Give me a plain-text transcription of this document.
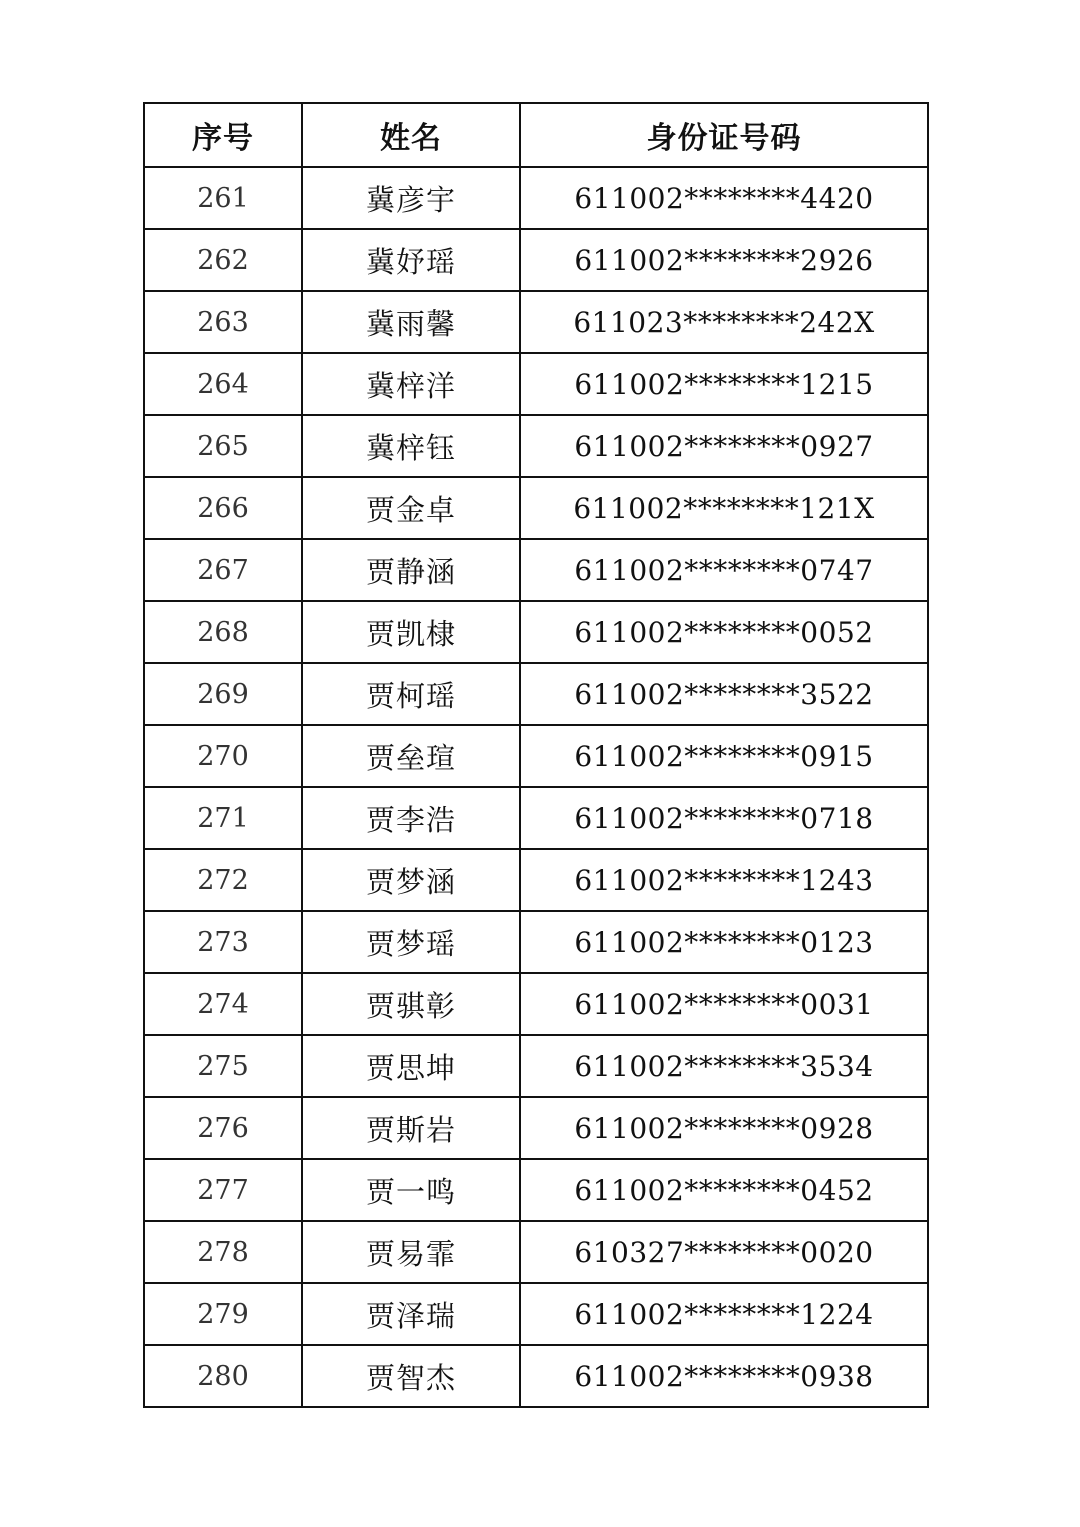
序号	姓名	身份证号码
261	冀彦宇	611002********4420
262	冀妤瑶	611002********2926
263	冀雨馨	611023********242X
264	冀梓洋	611002********1215
265	冀梓钰	611002********0927
266	贾金卓	611002********121X
267	贾静涵	611002********0747
268	贾凯棣	611002********0052
269	贾柯瑶	611002********3522
270	贾垒瑄	611002********0915
271	贾李浩	611002********0718
272	贾梦涵	611002********1243
273	贾梦瑶	611002********0123
274	贾骐彰	611002********0031
275	贾思坤	611002********3534
276	贾斯岩	611002********0928
277	贾一鸣	611002********0452
278	贾易霏	610327********0020
279	贾泽瑞	611002********1224
280	贾智杰	611002********0938
